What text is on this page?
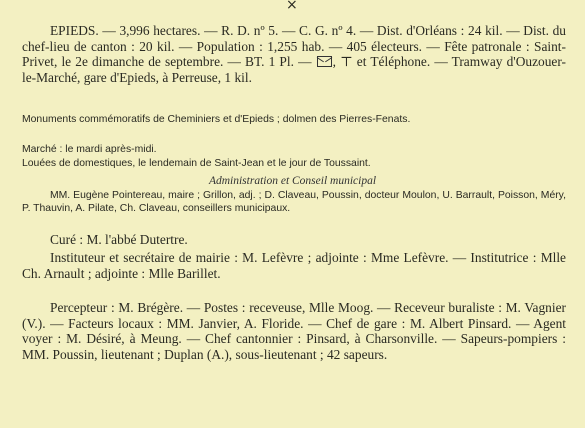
×

EPIEDS. — 3,996 hectares. — R. D. nº 5. — C. G. nº 4. — Dist. d'Orléans : 24 kil. — Dist. du chef-lieu de canton : 20 kil. — Population : 1,255 hab. — 405 électeurs. — Fête patronale : Saint-Privet, le 2e dimanche de septembre. — BT. 1 Pl. — , ⊤ et Téléphone. — Tramway d'Ouzouer-le-Marché, gare d'Epieds, à Perreuse, 1 kil.

Monuments commémoratifs de Cheminiers et d'Epieds ; dolmen des Pierres-Fenats.

Marché : le mardi après-midi.

Louées de domestiques, le lendemain de Saint-Jean et le jour de Toussaint.

Administration et Conseil municipal

MM. Eugène Pointereau, maire ; Grillon, adj. ; D. Claveau, Poussin, docteur Moulon, U. Barrault, Poisson, Méry, P. Thauvin, A. Pilate, Ch. Claveau, conseillers municipaux.

Curé : M. l'abbé Dutertre.

Instituteur et secrétaire de mairie : M. Lefèvre ; adjointe : Mme Lefèvre. — Institutrice : Mlle Ch. Arnault ; adjointe : Mlle Barillet.

Percepteur : M. Brégère. — Postes : receveuse, Mlle Moog. — Receveur buraliste : M. Vagnier (V.). — Facteurs locaux : MM. Janvier, A. Floride. — Chef de gare : M. Albert Pinsard. — Agent voyer : M. Désiré, à Meung. — Chef cantonnier : Pinsard, à Charsonville. — Sapeurs-pompiers : MM. Poussin, lieutenant ; Duplan (A.), sous-lieutenant ; 42 sapeurs.
